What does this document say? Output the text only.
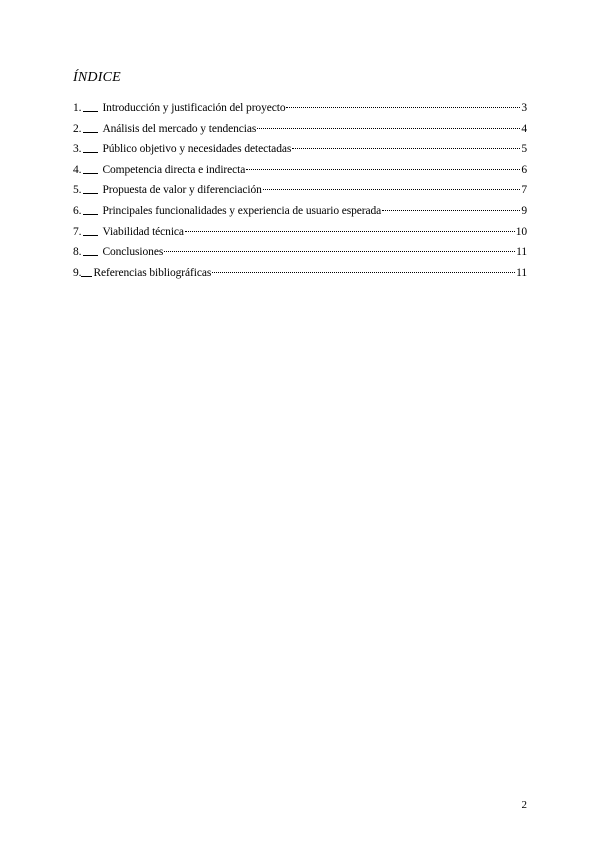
ÍNDICE
1. Introducción y justificación del proyecto	3
2. Análisis del mercado y tendencias	4
3. Público objetivo y necesidades detectadas	5
4. Competencia directa e indirecta	6
5. Propuesta de valor y diferenciación	7
6. Principales funcionalidades y experiencia de usuario esperada	9
7. Viabilidad técnica	10
8. Conclusiones	11
9. Referencias bibliográficas	11
2
